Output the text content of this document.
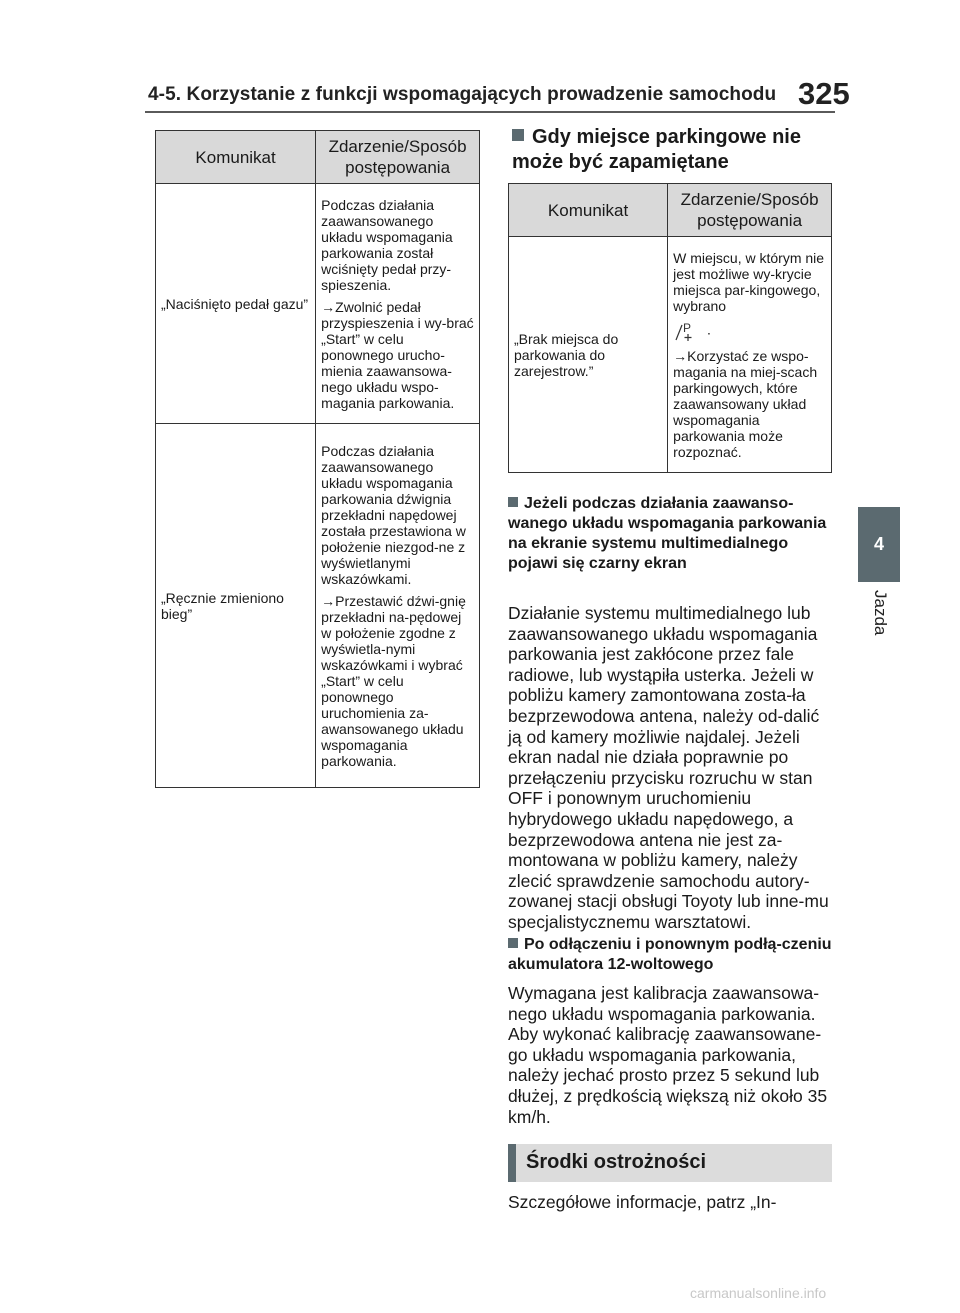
4-5. Korzystanie z funkcji wspomagających prowadzenie samochodu 325
4
Jazda
Komunikat	Zdarzenie/Sposób postępowania
„Naciśnięto pedał gazu”	Podczas działania zaawansowanego układu wspomagania parkowania został wciśnięty pedał przy-spieszenia.

→Zwolnić pedał przyspieszenia i wy-brać „Start” w celu ponownego urucho-mienia zaawansowa-nego układu wspo-magania parkowania.

„Ręcznie zmieniono bieg”	Podczas działania zaawansowanego układu wspomagania parkowania dźwignia przekładni napędowej została przestawiona w położenie niezgod-ne z wyświetlanymi wskazówkami.

→Przestawić dźwi-gnię przekładni na-pędowej w położenie zgodne z wyświetla-nymi wskazówkami i wybrać „Start” w celu ponownego uruchomienia za-awansowanego układu wspomagania parkowania.

Gdy miejsce parkingowe nie może być zapamiętane
Komunikat	Zdarzenie/Sposób postępowania
„Brak miejsca do parkowania do zarejestrow.”	W miejscu, w którym nie jest możliwe wy-krycie miejsca par-kingowego, wybrano

P .

→Korzystać ze wspo-magania na miej-scach parkingowych, które zaawansowany układ wspomagania parkowania może rozpoznać.

Jeżeli podczas działania zaawanso-wanego układu wspomagania parkowania na ekranie systemu multimedialnego pojawi się czarny ekran
Działanie systemu multimedialnego lub zaawansowanego układu wspomagania parkowania jest zakłócone przez fale radiowe, lub wystąpiła usterka. Jeżeli w pobliżu kamery zamontowana zosta-ła bezprzewodowa antena, należy od-dalić ją od kamery możliwie najdalej. Jeżeli ekran nadal nie działa poprawnie po przełączeniu przycisku rozruchu w stan OFF i ponownym uruchomieniu hybrydowego układu napędowego, a bezprzewodowa antena nie jest za-montowana w pobliżu kamery, należy zlecić sprawdzenie samochodu autory-zowanej stacji obsługi Toyoty lub inne-mu specjalistycznemu warsztatowi.
Po odłączeniu i ponownym podłą-czeniu akumulatora 12-woltowego
Wymagana jest kalibracja zaawansowa-nego układu wspomagania parkowania. Aby wykonać kalibrację zaawansowane-go układu wspomagania parkowania, należy jechać prosto przez 5 sekund lub dłużej, z prędkością większą niż około 35 km/h.
Środki ostrożności
Szczegółowe informacje, patrz „In-
carmanualsonline.info
